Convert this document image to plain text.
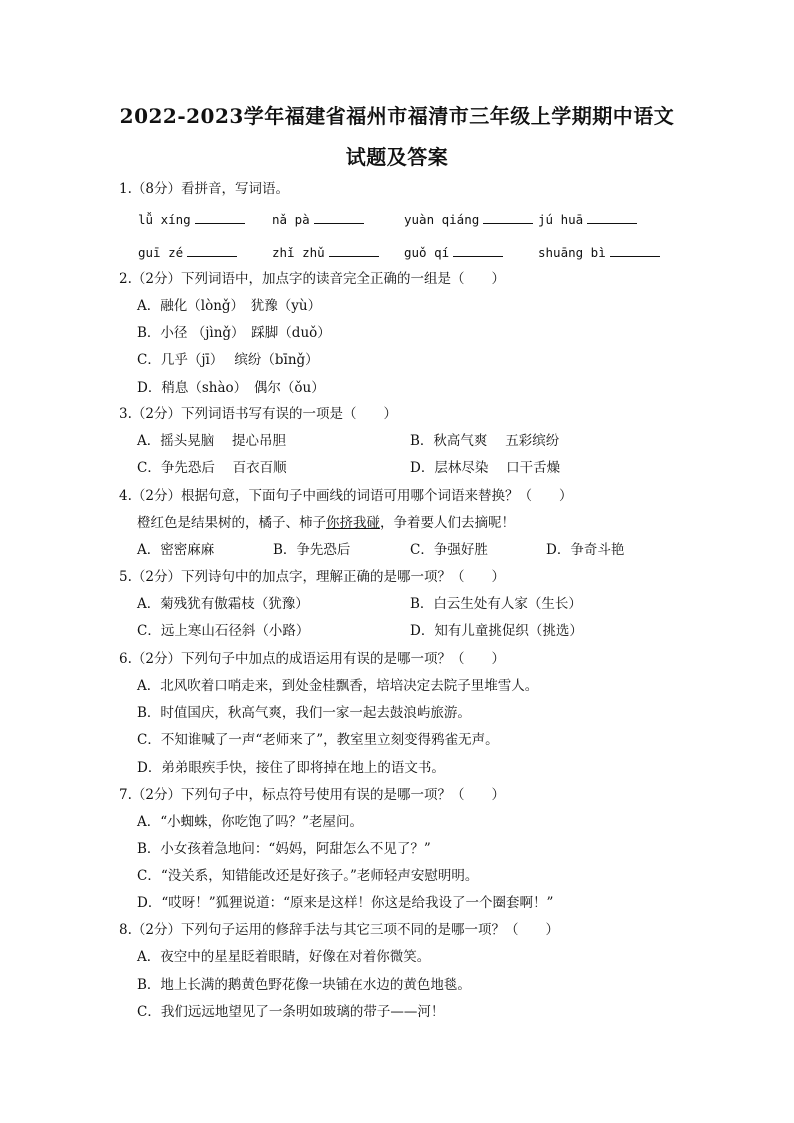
2022-2023学年福建省福州市福清市三年级上学期期中语文
试题及答案
1.（8分）看拼音，写词语。
lǚ xíng	nǎ pà	yuàn qiáng	jú huā
guī zé	zhǐ zhǔ	guǒ qí	shuāng bì
2.（2分）下列词语中，加点字的读音完全正确的一组是（　　）
A．融化（lònǧ）　犹豫（yù）
B．小径 （jìnǧ）　踩脚（duǒ）
C．几乎（jī）　 缤纷（bīnǧ）
D．稍息（shào）　偶尔（ǒu）
3.（2分）下列词语书写有误的一项是（　　）
A．摇头晃脑　 提心吊胆	B．秋高气爽　 五彩缤纷
C．争先恐后　 百衣百顺	D．层林尽染　 口干舌燥
4.（2分）根据句意，下面句子中画线的词语可用哪个词语来替换？（　　）
橙红色是结果树的，橘子、柿子你挤我碰，争着要人们去摘呢！
A．密密麻麻	B．争先恐后	C．争强好胜	D．争奇斗艳
5.（2分）下列诗句中的加点字，理解正确的是哪一项？（　　）
A．菊残犹有傲霜枝（犹豫）	B．白云生处有人家（生长）
C．远上寒山石径斜（小路）	D．知有儿童挑促织（挑选）
6.（2分）下列句子中加点的成语运用有误的是哪一项？（　　）
A．北风吹着口哨走来，到处金桂飘香，培培决定去院子里堆雪人。
B．时值国庆，秋高气爽，我们一家一起去鼓浪屿旅游。
C．不知谁喊了一声“老师来了”，教室里立刻变得鸦雀无声。
D．弟弟眼疾手快，接住了即将掉在地上的语文书。
7.（2分）下列句子中，标点符号使用有误的是哪一项？（　　）
A．“小蜘蛛，你吃饱了吗？”老屋问。
B．小女孩着急地问：“妈妈，阿甜怎么不见了？”
C．“没关系，知错能改还是好孩子。”老师轻声安慰明明。
D．“哎呀！”狐狸说道：“原来是这样！你这是给我设了一个圈套啊！”
8.（2分）下列句子运用的修辞手法与其它三项不同的是哪一项？（　　）
A．夜空中的星星眨着眼睛，好像在对着你微笑。
B．地上长满的鹅黄色野花像一块铺在水边的黄色地毯。
C．我们远远地望见了一条明如玻璃的带子——河！
